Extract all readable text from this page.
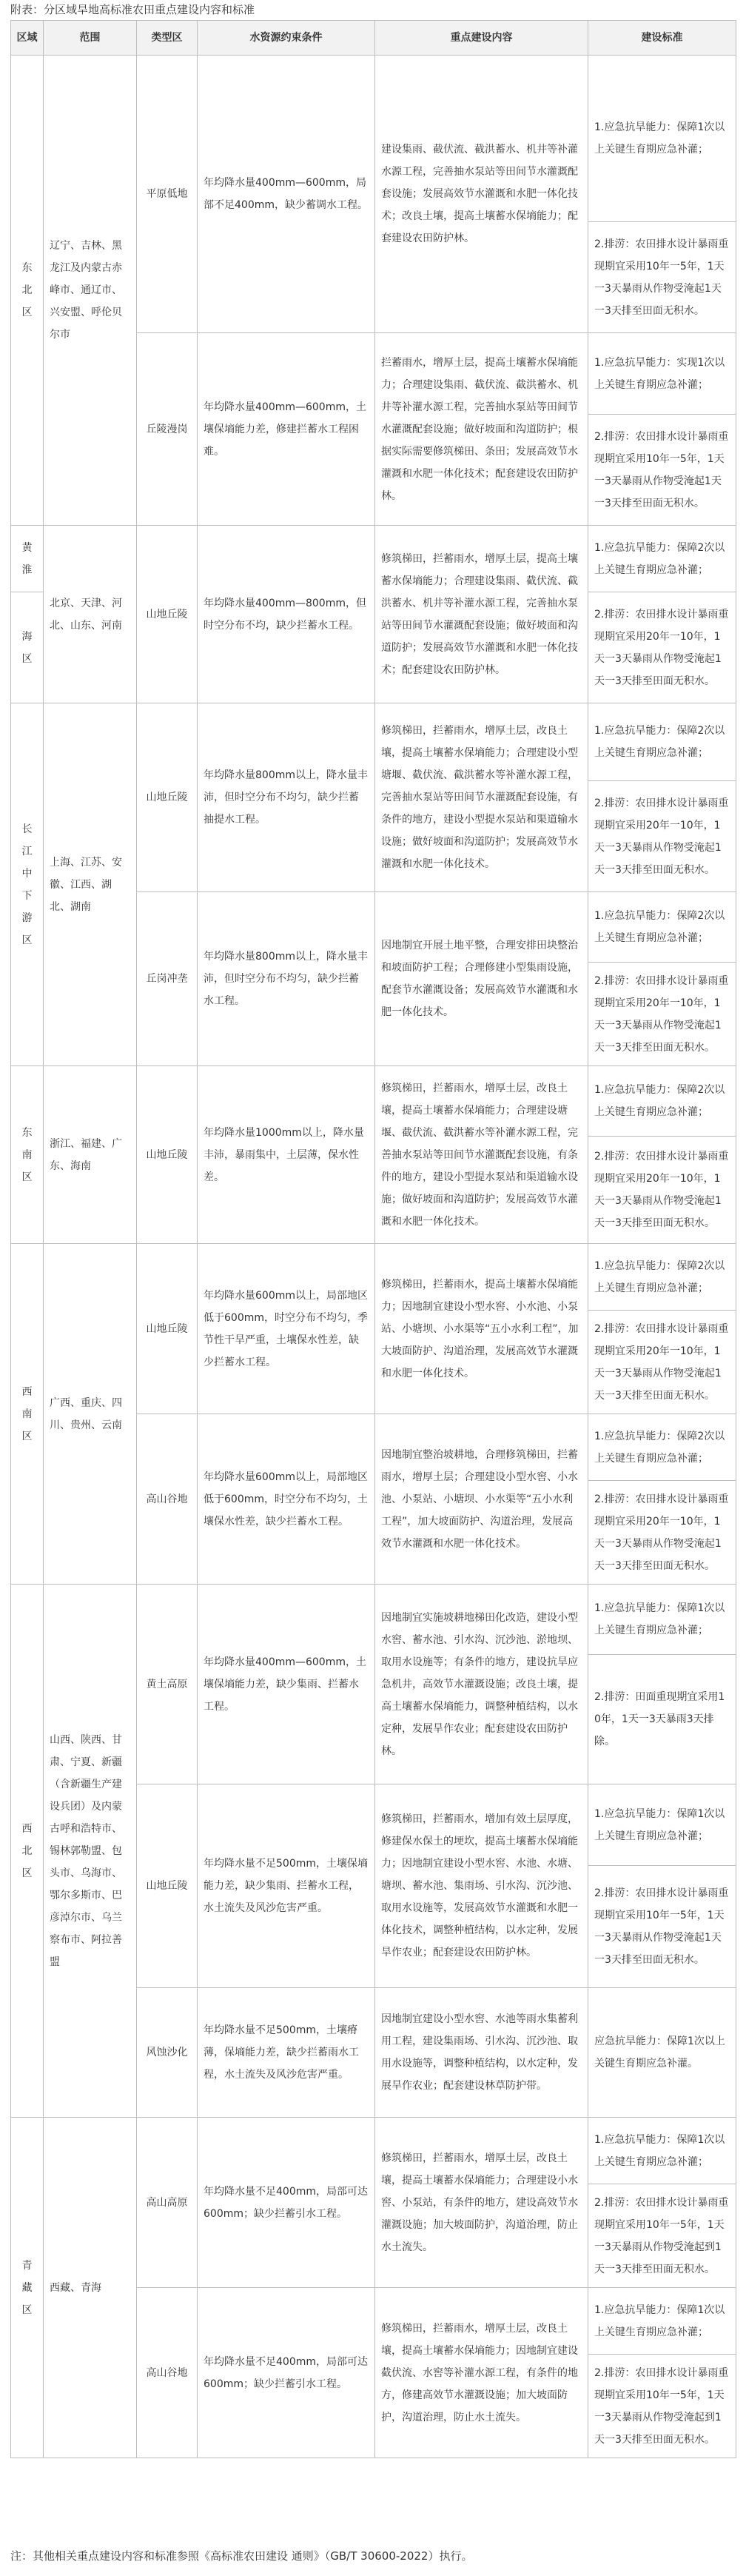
附表：分区域旱地高标准农田重点建设内容和标准
区域	范围	类型区	水资源约束条件	重点建设内容	建设标准
东北区	辽宁、吉林、黑龙江及内蒙古赤峰市、通辽市、兴安盟、呼伦贝尔市	平原低地	年均降水量400mm—600mm，局部不足400mm，缺少蓄调水工程。	建设集雨、截伏流、截洪蓄水、机井等补灌水源工程，完善抽水泵站等田间节水灌溉配套设施；发展高效节水灌溉和水肥一体化技术；改良土壤，提高土壤蓄水保墒能力；配套建设农田防护林。	1.应急抗旱能力：保障1次以上关键生育期应急补灌；
					2.排涝：农田排水设计暴雨重现期宜采用10年一5年，1天一3天暴雨从作物受淹起1天一3天排至田面无积水。
		丘陵漫岗	年均降水量400mm—600mm，土壤保墒能力差，修建拦蓄水工程困难。	拦蓄雨水，增厚土层，提高土壤蓄水保墒能力；合理建设集雨、截伏流、截洪蓄水、机井等补灌水源工程，完善抽水泵站等田间节水灌溉配套设施；做好坡面和沟道防护；根据实际需要修筑梯田、条田；发展高效节水灌溉和水肥一体化技术；配套建设农田防护林。	1.应急抗旱能力：实现1次以上关键生育期应急补灌；
					2.排涝：农田排水设计暴雨重现期宜采用10年一5年，1天一3天暴雨从作物受淹起1天一3天排至田面无积水。
黄淮	北京、天津、河北、山东、河南	山地丘陵	年均降水量400mm—800mm，但时空分布不均，缺少拦蓄水工程。	修筑梯田，拦蓄雨水，增厚土层，提高土壤蓄水保墒能力；合理建设集雨、截伏流、截洪蓄水、机井等补灌水源工程，完善抽水泵站等田间节水灌溉配套设施；做好坡面和沟道防护；发展高效节水灌溉和水肥一体化技术；配套建设农田防护林。	1.应急抗旱能力：保障2次以上关键生育期应急补灌；
海区					2.排涝：农田排水设计暴雨重现期宜采用20年一10年，1天一3天暴雨从作物受淹起1天一3天排至田面无积水。
长江中下游区	上海、江苏、安徽、江西、湖北、湖南	山地丘陵	年均降水量800mm以上，降水量丰沛，但时空分布不均匀，缺少拦蓄抽提水工程。	修筑梯田，拦蓄雨水，增厚土层，改良土壤，提高土壤蓄水保墒能力；合理建设小型塘堰、截伏流、截洪蓄水等补灌水源工程，完善抽水泵站等田间节水灌溉配套设施，有条件的地方，建设小型提水泵站和渠道输水设施；做好坡面和沟道防护；发展高效节水灌溉和水肥一体化技术。	1.应急抗旱能力：保障2次以上关键生育期应急补灌；
					2.排涝：农田排水设计暴雨重现期宜采用20年一10年，1天一3天暴雨从作物受淹起1天一3天排至田面无积水。
		丘岗冲垄	年均降水量800mm以上，降水量丰沛，但时空分布不均匀，缺少拦蓄水工程。	因地制宜开展土地平整，合理安排田块整治和坡面防护工程；合理修建小型集雨设施，配套节水灌溉设备；发展高效节水灌溉和水肥一体化技术。	1.应急抗旱能力：保障2次以上关键生育期应急补灌；
					2.排涝：农田排水设计暴雨重现期宜采用20年一10年，1天一3天暴雨从作物受淹起1天一3天排至田面无积水。
东南区	浙江、福建、广东、海南	山地丘陵	年均降水量1000mm以上，降水量丰沛，暴雨集中，土层薄，保水性差。	修筑梯田，拦蓄雨水，增厚土层，改良土壤，提高土壤蓄水保墒能力；合理建设塘堰、截伏流、截洪蓄水等补灌水源工程，完善抽水泵站等田间节水灌溉配套设施，有条件的地方，建设小型提水泵站和渠道输水设施；做好坡面和沟道防护；发展高效节水灌溉和水肥一体化技术。	1.应急抗旱能力：保障2次以上关键生育期应急补灌；
					2.排涝：农田排水设计暴雨重现期宜采用20年一10年，1天一3天暴雨从作物受淹起1天一3天排至田面无积水。
西南区	广西、重庆、四川、贵州、云南	山地丘陵	年均降水量600mm以上，局部地区低于600mm，时空分布不均匀，季节性干旱严重，土壤保水性差，缺少拦蓄水工程。	修筑梯田，拦蓄雨水，提高土壤蓄水保墒能力；因地制宜建设小型水窖、小水池、小泵站、小塘坝、小水渠等“五小水利工程”，加大坡面防护、沟道治理，发展高效节水灌溉和水肥一体化技术。	1.应急抗旱能力：保障2次以上关键生育期应急补灌；
					2.排涝：农田排水设计暴雨重现期宜采用20年一10年，1天一3天暴雨从作物受淹起1天一3天排至田面无积水。
		高山谷地	年均降水量600mm以上，局部地区低于600mm，时空分布不均匀，土壤保水性差，缺少拦蓄水工程。	因地制宜整治坡耕地，合理修筑梯田，拦蓄雨水，增厚土层；合理建设小型水窖、小水池、小泵站、小塘坝、小水渠等“五小水利工程”，加大坡面防护、沟道治理，发展高效节水灌溉和水肥一体化技术。	1.应急抗旱能力：保障2次以上关键生育期应急补灌；
					2.排涝：农田排水设计暴雨重现期宜采用20年一10年，1天一3天暴雨从作物受淹起1天一3天排至田面无积水。
西北区	山西、陕西、甘肃、宁夏、新疆（含新疆生产建设兵团）及内蒙古呼和浩特市、锡林郭勒盟、包头市、乌海市、鄂尔多斯市、巴彦淖尔市、乌兰察布市、阿拉善盟	黄土高原	年均降水量400mm—600mm，土壤保墒能力差，缺少集雨、拦蓄水工程。	因地制宜实施坡耕地梯田化改造，建设小型水窖、蓄水池、引水沟、沉沙池、淤地坝、取用水设施等；有条件的地方，建设抗旱应急机井，高效节水灌溉设施；改良土壤，提高土壤蓄水保墒能力，调整种植结构，以水定种，发展旱作农业；配套建设农田防护林。	1.应急抗旱能力：保障1次以上关键生育期应急补灌；
					2.排涝：田面重现期宜采用10年，1天一3天暴雨3天排除。
		山地丘陵	年均降水量不足500mm，土壤保墒能力差，缺少集雨、拦蓄水工程，水土流失及风沙危害严重。	修筑梯田，拦蓄雨水，增加有效土层厚度，修建保水保土的埂坎，提高土壤蓄水保墒能力；因地制宜建设小型水窖、水池、水塘、塘坝、蓄水池、集雨场、引水沟、沉沙池、取用水设施等，发展高效节水灌溉和水肥一体化技术，调整种植结构，以水定种，发展旱作农业；配套建设农田防护林。	1.应急抗旱能力：保障1次以上关键生育期应急补灌；
					2.排涝：农田排水设计暴雨重现期宜采用10年一5年，1天一3天暴雨从作物受淹起1天一3天排至田面无积水。
		风蚀沙化	年均降水量不足500mm，土壤瘠薄，保墒能力差，缺少拦蓄雨水工程，水土流失及风沙危害严重。	因地制宜建设小型水窖、水池等雨水集蓄利用工程，建设集雨场、引水沟、沉沙池、取用水设施等，调整种植结构，以水定种，发展旱作农业；配套建设林草防护带。	应急抗旱能力：保障1次以上关键生育期应急补灌。
青藏区	西藏、青海	高山高原	年均降水量不足400mm，局部可达600mm；缺少拦蓄引水工程。	修筑梯田，拦蓄雨水，增厚土层，改良土壤，提高土壤蓄水保墒能力；合理建设小水窖、小泵站，有条件的地方，建设高效节水灌溉设施；加大坡面防护，沟道治理，防止水土流失。	1.应急抗旱能力：保障1次以上关键生育期应急补灌；
					2.排涝：农田排水设计暴雨重现期宜采用10年一5年，1天一3天暴雨从作物受淹起到1天一3天排至田面无积水。
		高山谷地	年均降水量不足400mm，局部可达600mm；缺少拦蓄引水工程。	修筑梯田，拦蓄雨水，增厚土层，改良土壤，提高土壤蓄水保墒能力；因地制宜建设截伏流、水窖等补灌水源工程，有条件的地方，修建高效节水灌溉设施；加大坡面防护，沟道治理，防止水土流失。	1.应急抗旱能力：保障1次以上关键生育期应急补灌；
					2.排涝：农田排水设计暴雨重现期宜采用10年一5年，1天一3天暴雨从作物受淹起到1天一3天排至田面无积水。
注：其他相关重点建设内容和标准参照《高标准农田建设 通则》（GB/T 30600-2022）执行。
